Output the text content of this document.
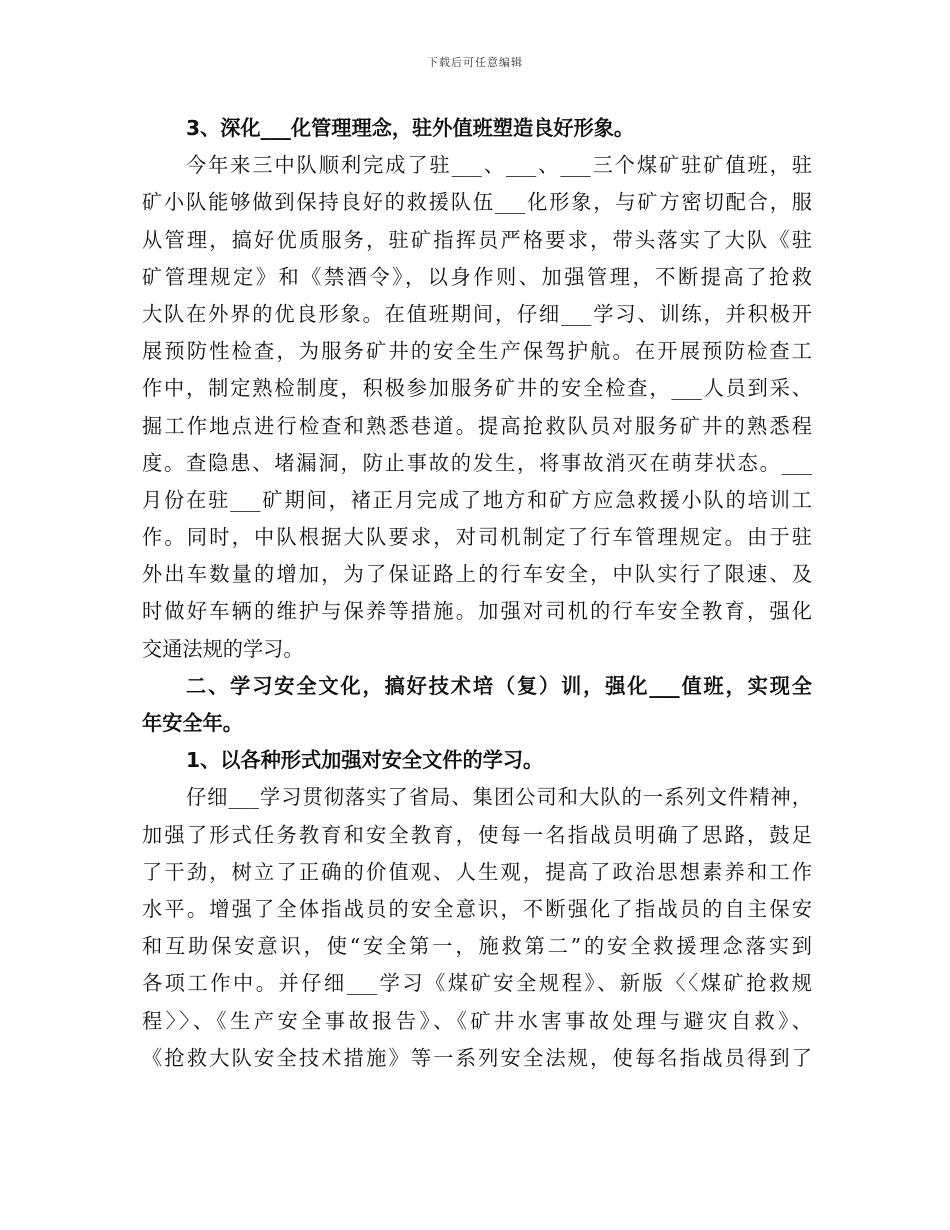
下载后可任意编辑
3、深化___化管理理念，驻外值班塑造良好形象。
今年来三中队顺利完成了驻___、___、___三个煤矿驻矿值班，驻
矿小队能够做到保持良好的救援队伍___化形象，与矿方密切配合，服
从管理，搞好优质服务，驻矿指挥员严格要求，带头落实了大队《驻
矿管理规定》和《禁酒令》，以身作则、加强管理，不断提高了抢救
大队在外界的优良形象。在值班期间，仔细___学习、训练，并积极开
展预防性检查，为服务矿井的安全生产保驾护航。在开展预防检查工
作中，制定熟检制度，积极参加服务矿井的安全检查，___人员到采、
掘工作地点进行检查和熟悉巷道。提高抢救队员对服务矿井的熟悉程
度。查隐患、堵漏洞，防止事故的发生，将事故消灭在萌芽状态。___
月份在驻___矿期间，褚正月完成了地方和矿方应急救援小队的培训工
作。同时，中队根据大队要求，对司机制定了行车管理规定。由于驻
外出车数量的增加，为了保证路上的行车安全，中队实行了限速、及
时做好车辆的维护与保养等措施。加强对司机的行车安全教育，强化
交通法规的学习。
二、学习安全文化，搞好技术培（复）训，强化___值班，实现全
年安全年。
1、以各种形式加强对安全文件的学习。
仔细___学习贯彻落实了省局、集团公司和大队的一系列文件精神，
加强了形式任务教育和安全教育，使每一名指战员明确了思路，鼓足
了干劲，树立了正确的价值观、人生观，提高了政治思想素养和工作
水平。增强了全体指战员的安全意识，不断强化了指战员的自主保安
和互助保安意识，使“安全第一，施救第二”的安全救援理念落实到
各项工作中。并仔细___学习《煤矿安全规程》、新版〈〈煤矿抢救规
程〉〉、《生产安全事故报告》、《矿井水害事故处理与避灾自救》、
《抢救大队安全技术措施》等一系列安全法规，使每名指战员得到了
